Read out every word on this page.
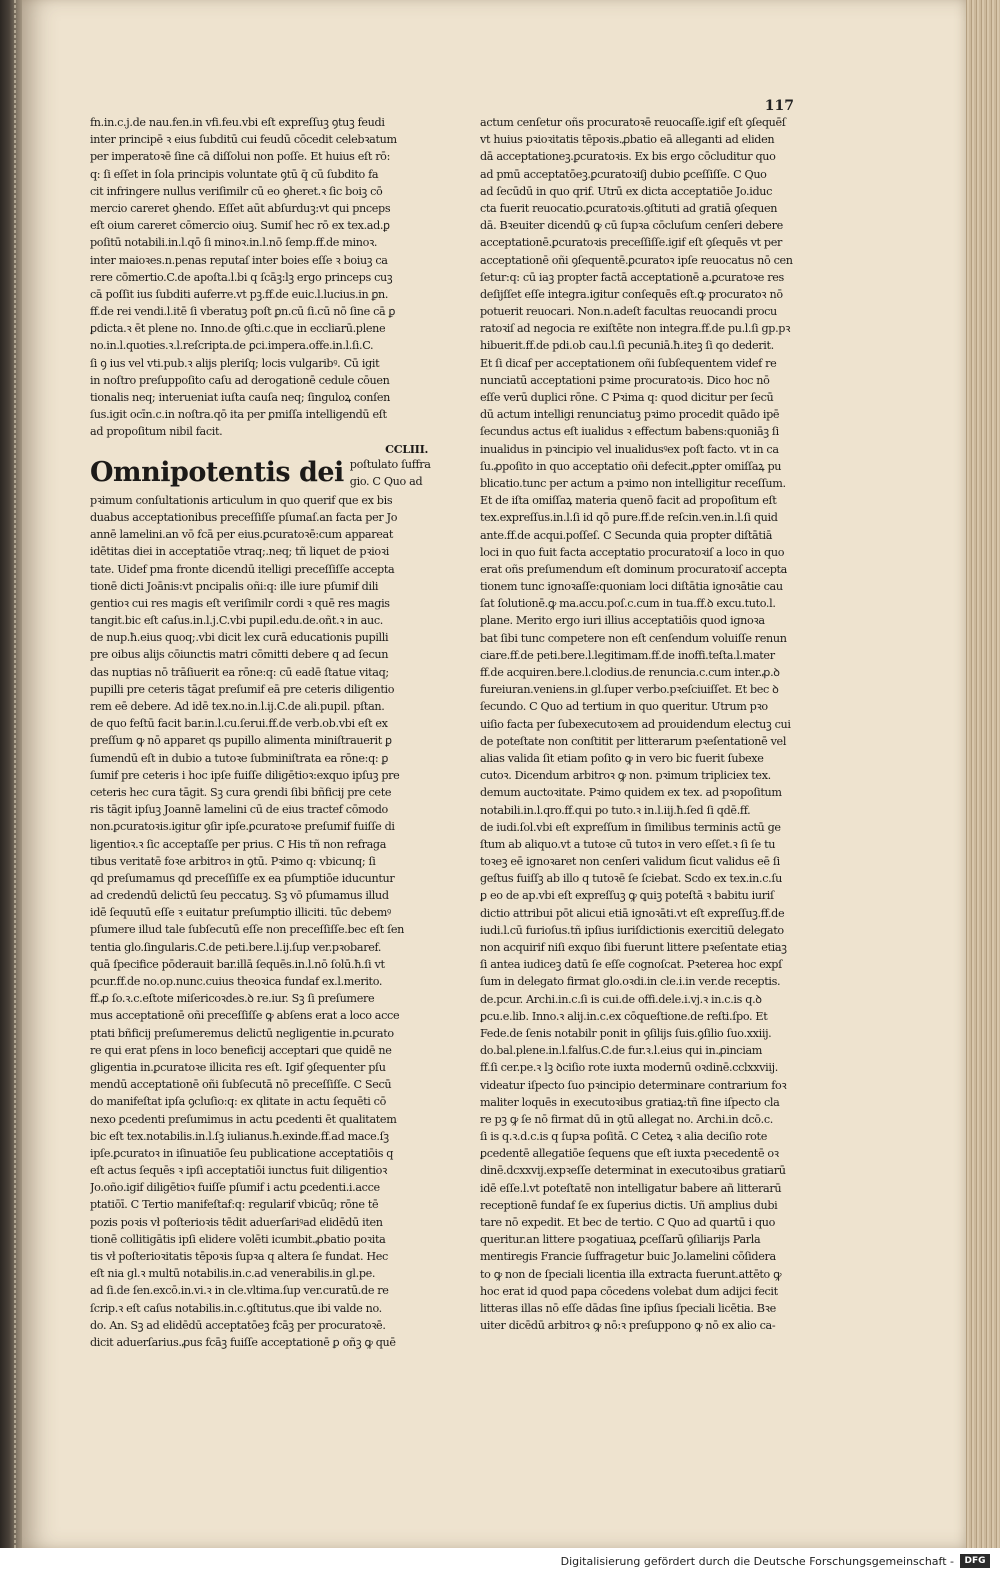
117
fn.in.c.j.de nau.fen.in vfi.feu.vbi eſt expreſſuꝫ ꝯtuꝫ feudi
inter principē ꝛ eius ſubditū cui feudū cōcedit celebꝛatum
per imperatoꝛē ſine cā diſſolui non poſſe. Et huius eſt rō:
q: ſi eſſet in ſola principis voluntate ꝯtū q̄ cū ſubdito fa
cit infringere nullus veriſimilr cū eo ꝯheret.ꝛ ſic boiꝫ cō
mercio careret ꝯhendo. Eſſet aūt abſurduꝫ:vt qui pnceps
eſt oium careret cōmercio oiuꝫ. Sumiſ hec rō ex tex.ad.ꝑ
poſitū notabili.in.l.qō ſi minoꝛ.in.l.nō ſemp.ff.de minoꝛ.
inter maioꝛes.n.penas reputaſ inter boies eſſe ꝛ boiuꝫ ca
rere cōmertio.C.de apoſta.l.bi q ſcāꝫ:lꝫ ergo princeps cuꝫ
cā poſſit ius ſubditi auferre.vt pꝫ.ff.de euic.l.lucius.in ꝑn.
ff.de rei vendi.l.itē ſi vberatuꝫ poſt ꝑn.cū ſi.cū nō ſine cā ꝑ
ꝑdicta.ꝛ ēt plene no. Inno.de ꝯſti.c.que in eccliarū.plene
no.in.l.quoties.ꝛ.l.reſcripta.de ꝑci.impera.offe.in.l.ſi.C.
ſi ꝯ ius vel vti.pub.ꝛ alijs pleriſq; locis vulgaribꝰ. Cū igit
in noſtro preſuppoſito caſu ad derogationē cedule cōuen
tionalis neq; interueniat iuſta cauſa neq; ſinguloꝝ conſen
ſus.igit ocīn.c.in noſtra.qō ita per ꝑmiſſa intelligendū eſt
ad propoſitum nibil facit.
CCLIII.
Omnipotentis dei poſtulato ſuffra
gio. C Quo ad
pꝛimum conſultationis articulum in quo querif que ex bis
duabus acceptationibus preceſſiſſe pſumaſ.an facta per Jo
annē lamelini.an vō fcā per eius.ꝑcuratoꝛē:cum appareat
idētitas diei in acceptatiōe vtraq;.neq; tñ liquet de pꝛioꝛi
tate. Uidef pma fronte dicendū itelligi preceſſiſſe accepta
tionē dicti Joānis:vt pncipalis oñi:q: ille iure pſumif dili
gentioꝛ cui res magis eſt veriſimilr cordi ꝛ quē res magis
tangit.bic eſt caſus.in.l.j.C.vbi pupil.edu.de.oñt.ꝛ in auc.
de nup.ħ.eius quoq;.vbi dicit lex curā educationis pupilli
pre oibus alijs cōiunctis matri cōmitti debere q ad ſecun
das nuptias nō trāſiuerit ea rōne:q: cū eadē ſtatue vitaq;
pupilli pre ceteris tāgat preſumif eā pre ceteris diligentio
rem eē debere. Ad idē tex.no.in.l.ij.C.de ali.pupil. pſtan.
de quo feſtū facit bar.in.l.cu.ſerui.ff.de verb.ob.vbi eſt ex
preſſum ꝙ nō apparet qs pupillo alimenta miniſtrauerit ꝑ
ſumendū eſt in dubio a tutoꝛe ſubminiſtrata ea rōne:q: ꝑ
ſumif pre ceteris i hoc ipſe fuiſſe diligētioꝛ:exquo ipſuꝫ pre
ceteris hec cura tāgit. Sꝫ cura ꝯrendi ſibi bñficij pre cete
ris tāgit ipſuꝫ Joannē lamelini cū de eius tractef cōmodo
non.ꝑcuratoꝛis.igitur ꝯſir ipſe.ꝑcuratoꝛe preſumif fuiſſe di
ligentioꝛ.ꝛ ſic acceptaſſe per prius. C His tñ non refraga
tibus veritatē foꝛe arbitroꝛ in ꝯtū. Pꝛimo q: vbicunq; ſi
qd preſumamus qd preceſſiſſe ex ea pſumptiōe iducuntur
ad credendū delictū ſeu peccatuꝫ. Sꝫ vō pſumamus illud
idē ſequutū eſſe ꝛ euitatur preſumptio illiciti. tūc debemꝰ
pſumere illud tale ſubſecutū eſſe non preceſſiſſe.bec eſt ſen
tentia glo.ſingularis.C.de peti.bere.l.ij.ſup ver.pꝛobaref.
quā ſpecifice pōderauit bar.illā ſequēs.in.l.nō ſolū.ħ.ſi vt
pcur.ff.de no.op.nunc.cuius theoꝛica fundaf ex.l.merito.
ff.ꝓ ſo.ꝛ.c.eſtote miſericoꝛdes.ꝺ re.iur. Sꝫ ſi preſumere
mus acceptationē oñi preceſſiſſe ꝙ abſens erat a loco acce
ptati bñficij preſumeremus delictū negligentie in.ꝑcurato
re qui erat pſens in loco beneficij acceptari que quidē ne
gligentia in.ꝑcuratoꝛe illicita res eſt. Igif ꝯſequenter pſu
mendū acceptationē oñi ſubſecutā nō preceſſiſſe. C Secū
do manifeſtat ipſa ꝯcluſio:q: ex qlitate in actu ſequēti cō
nexo ꝑcedenti preſumimus in actu ꝑcedenti ēt qualitatem
bic eſt tex.notabilis.in.l.ſꝫ iulianus.ħ.exinde.ff.ad mace.ſꝫ
ipſe.ꝑcuratoꝛ in iſinuatiōe ſeu publicatione acceptatiōis q
eſt actus ſequēs ꝛ ipſi acceptatiōi iunctus fuit diligentioꝛ
Jo.oño.igif diligētioꝛ fuiſſe pſumif i actu ꝑcedenti.i.acce
ptatiōī. C Tertio manifeſtaf:q: regularif vbicūq; rōne tē
pozis poꝛis vł poſterioꝛis tēdit aduerſariꝰad elidēdū iten
tionē collitigātis ipſi elidere volēti icumbit.ꝓbatio poꝛita
tis vł poſterioꝛitatis tēpoꝛis ſupꝛa q altera ſe fundat. Hec
eſt nia gl.ꝛ multū notabilis.in.c.ad venerabilis.in gl.pe.
ad ſi.de ſen.excō.in.vi.ꝛ in cle.vltima.ſup ver.curatū.de re
ſcrip.ꝛ eſt caſus notabilis.in.c.ꝯſtitutus.que ibi valde no.
do. An. Sꝫ ad elidēdū acceptatōeꝫ fcāꝫ per procuratoꝛē.
dicit aduerſarius.ꝓus fcāꝫ fuiſſe acceptationē ꝑ oñꝫ ꝙ quē
actum cenſetur oñs procuratoꝛē reuocaſſe.igif eſt ꝯſequēſ
vt huius pꝛioꝛitatis tēpoꝛis.ꝓbatio eā alleganti ad eliden
dā acceptationeꝫ.ꝑcuratoꝛis. Ex bis ergo cōcluditur quo
ad pmū acceptatōeꝫ.ꝑcuratoꝛiſj dubio ꝑceſſiſſe. C Quo
ad ſecūdū in quo qrif. Utrū ex dicta acceptatiōe Jo.iduc
cta fuerit reuocatio.ꝑcuratoꝛis.ꝯſtituti ad gratiā ꝯſequen
dā. Bꝛeuiter dicendū ꝙ cū ſupꝛa cōcluſum cenſeri debere
acceptationē.ꝑcuratoꝛis preceſſiſſe.igif eſt ꝯſequēs vt per
acceptationē oñi ꝯſequentē.ꝑcuratoꝛ ipſe reuocatus nō cen
ſetur:q: cū iaꝫ propter factā acceptationē a.ꝑcuratoꝛe res
deſijſſet eſſe integra.igitur conſequēs eſt.ꝙ procuratoꝛ nō
potuerit reuocari. Non.n.adeſt facultas reuocandi procu
ratoꝛiſ ad negocia re exiſtēte non integra.ff.de pu.l.ſi gp.pꝛ
hibuerit.ff.de pdi.ob cau.l.ſi pecuniā.ħ.iteꝫ ſi qo dederit.
Et ſi dicaf per acceptationem oñi ſubſequentem videf re
nunciatū acceptationi pꝛime procuratoꝛis. Dico hoc nō
eſſe verū duplici rōne. C Pꝛima q: quod dicitur per ſecū
dū actum intelligi renunciatuꝫ pꝛimo procedit quādo ipē
ſecundus actus eſt iualidus ꝛ effectum babens:quoniāꝫ ſi
inualidus in pꝛincipio vel inualidusꝰex poſt facto. vt in ca
ſu.ꝓpoſito in quo acceptatio oñi defecit.ꝓpter omiſſaꝝ pu
blicatio.tunc per actum a pꝛimo non intelligitur receſſum.
Et de iſta omiſſaꝝ materia quenō facit ad propoſitum eſt
tex.expreſſus.in.l.ſi id qō pure.ff.de reſcin.ven.in.l.ſi quid
ante.ff.de acqui.poſſeſ. C Secunda quia propter diſtātiā
loci in quo fuit facta acceptatio procuratoꝛiſ a loco in quo
erat oñs preſumendum eſt dominum procuratoꝛiſ accepta
tionem tunc ignoꝛaſſe:quoniam loci diſtātia ignoꝛātie cau
ſat ſolutionē.ꝙ ma.accu.poſ.c.cum in tua.ff.ꝺ excu.tuto.l.
plane. Merito ergo iuri illius acceptatiōis quod ignoꝛa
bat ſibi tunc competere non eſt cenſendum voluiſſe renun
ciare.ff.de peti.bere.l.legitimam.ff.de inoffi.teſta.l.mater
ff.de acquiren.bere.l.clodius.de renuncia.c.cum inter.ꝓ.ꝺ
fureiuran.veniens.in gl.ſuper verbo.pꝛeſciuiſſet. Et bec ꝺ
ſecundo. C Quo ad tertium in quo queritur. Utrum pꝛo
uiſio facta per ſubexecutoꝛem ad prouidendum electuꝫ cui
de poteſtate non conſtitit per litterarum pꝛeſentationē vel
alias valida ſit etiam poſito ꝙ in vero bic fuerit ſubexe
cutoꝛ. Dicendum arbitroꝛ ꝙ non. pꝛimum tripliciex tex.
demum auctoꝛitate. Pꝛimo quidem ex tex. ad pꝛopoſitum
notabili.in.l.qro.ff.qui po tuto.ꝛ in.l.iij.ħ.ſed ſi qdē.ff.
de iudi.ſol.vbi eſt expreſſum in ſimilibus terminis actū ge
ſtum ab aliquo.vt a tutoꝛe cū tutoꝛ in vero eſſet.ꝛ ſi ſe tu
toꝛeꝫ eē ignoꝛaret non cenſeri validum ſicut validus eē ſi
geſtus fuiſſꝫ ab illo q tutoꝛē ſe ſciebat. Scdo ex tex.in.c.ſu
ꝑ eo de ap.vbi eſt expreſſuꝫ ꝙ ꝗuiꝫ poteſtā ꝛ babitu iuriſ
dictio attribui pōt alicui etiā ignoꝛāti.vt eſt expreſſuꝫ.ff.de
iudi.l.cū furioſus.tñ ipſius iuriſdictionis exercitiū delegato
non acquirif niſi exquo ſibi fuerunt littere pꝛeſentate etiaꝫ
ſi antea iudiceꝫ datū ſe eſſe cognoſcat. Pꝛeterea hoc expſ
ſum in delegato firmat glo.oꝛdi.in cle.i.in ver.de receptis.
de.pcur. Archi.in.c.ſi is cui.de offi.dele.i.vj.ꝛ in.c.is q.ꝺ
ꝑcu.e.lib. Inno.ꝛ alij.in.c.ex cōqueſtione.de reſti.ſpo. Et
Fede.de ſenis notabilr ponit in ꝯſilijs ſuis.ꝯſilio ſuo.xxiij.
do.bal.plene.in.l.falſus.C.de fur.ꝛ.l.eius qui in.ꝓinciam
ff.ſi cer.pe.ꝛ lꝫ ꝺciſio rote iuxta modernū oꝛdinē.cclxxviij.
videatur iſpecto ſuo pꝛincipio determinare contrarium foꝛ
maliter loquēs in executoꝛibus gratiaꝝ:tñ fine iſpecto cla
re pꝫ ꝙ ſe nō firmat dū in ꝯtū allegat no. Archi.in dcō.c.
ſi is q.ꝛ.d.c.is q ſupꝛa poſitā. C Ceteꝝ ꝛ alia deciſio rote
ꝑcedentē allegatiōe ſequens que eſt iuxta pꝛecedentē oꝛ
dinē.dcxxvij.expꝛeſſe determinat in executoꝛibus gratiarū
idē eſſe.l.vt poteſtatē non intelligatur babere añ litterarū
receptionē fundaf ſe ex ſuperius dictis. Uñ amplius dubi
tare nō expedit. Et bec de tertio. C Quo ad quartū i quo
queritur.an littere pꝛogatiuaꝝ ꝑceſſarū ꝯſiliarijs Parla
mentiregis Francie ſuffragetur buic Jo.lamelini cōſidera
to ꝙ non de ſpeciali licentia illa extracta fuerunt.attēto ꝙ
hoc erat id quod papa cōcedens volebat dum adijci fecit
litteras illas nō eſſe dādas ſine ipſius ſpeciali licētia. Bꝛe
uiter dicēdū arbitroꝛ ꝙ nō:ꝛ preſuppono ꝙ nō ex alio ca-
Digitalisierung gefördert durch die Deutsche Forschungsgemeinschaft -	DFG
